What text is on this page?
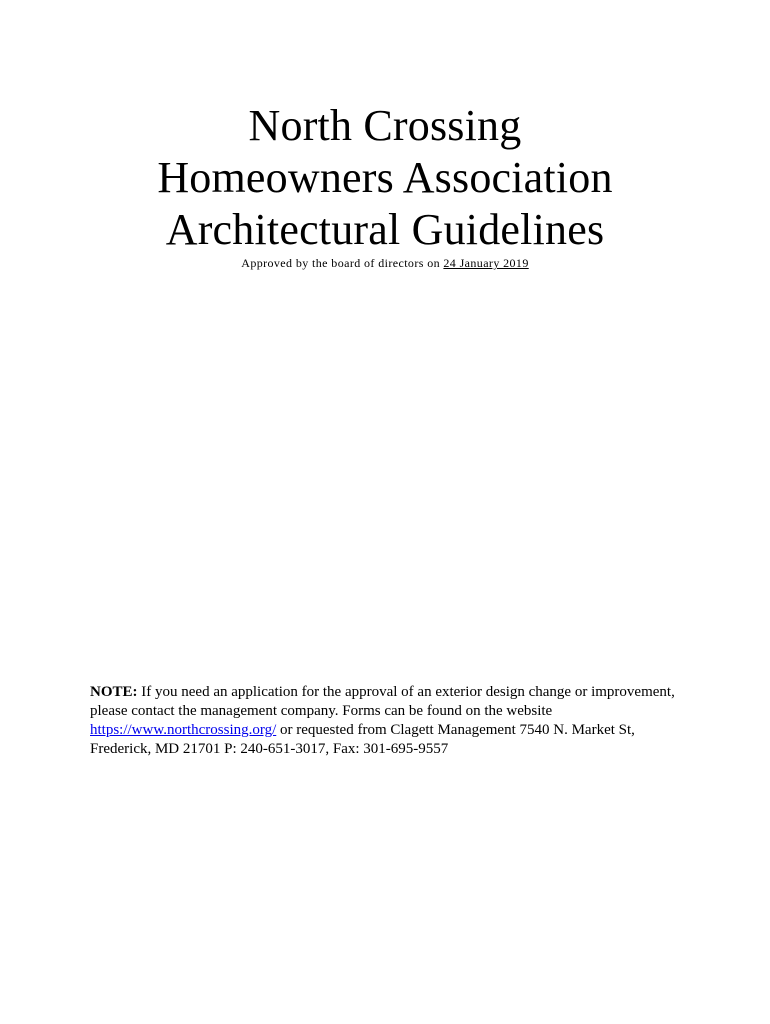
North Crossing
Homeowners Association
Architectural Guidelines
Approved by the board of directors on 24 January 2019
NOTE: If you need an application for the approval of an exterior design change or improvement, please contact the management company. Forms can be found on the website https://www.northcrossing.org/ or requested from Clagett Management 7540 N. Market St, Frederick, MD 21701 P: 240-651-3017, Fax: 301-695-9557
